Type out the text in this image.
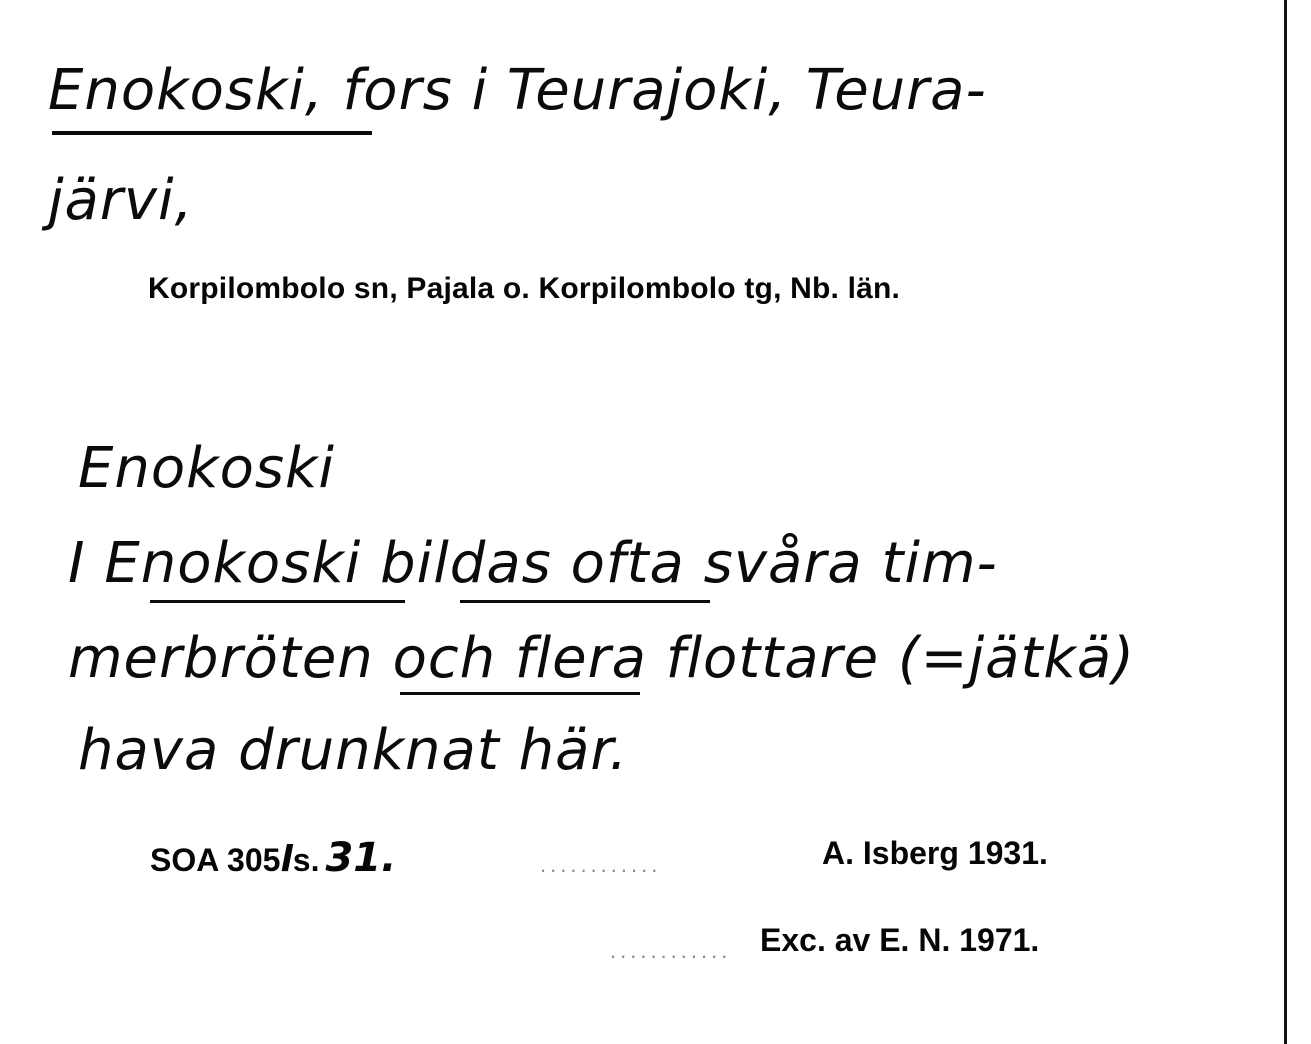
Enokoski, fors i Teurajoki, Teura-
järvi,
Korpilombolo sn, Pajala o. Korpilombolo tg, Nb. län.
Enokoski
I Enokoski bildas ofta svåra tim-
merbröten och flera flottare (=jätkä)
hava drunknat här.
SOA 305ls. 31.	............	A. Isberg 1931.
............ Exc. av E. N. 1971.
